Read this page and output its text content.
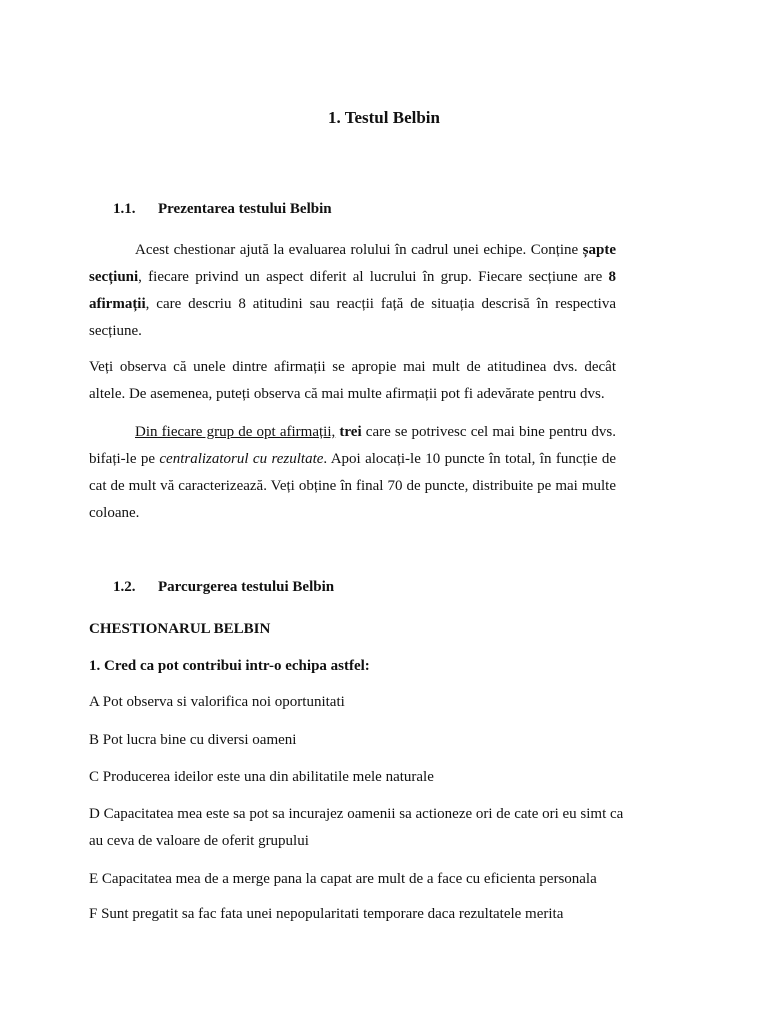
1. Testul Belbin
1.1. Prezentarea testului Belbin

Acest chestionar ajută la evaluarea rolului în cadrul unei echipe. Conține șapte secțiuni, fiecare privind un aspect diferit al lucrului în grup. Fiecare secțiune are 8 afirmații, care descriu 8 atitudini sau reacții față de situația descrisă în respectiva secțiune.

Veți observa că unele dintre afirmații se apropie mai mult de atitudinea dvs. decât altele. De asemenea, puteți observa că mai multe afirmații pot fi adevărate pentru dvs.

Din fiecare grup de opt afirmații, trei care se potrivesc cel mai bine pentru dvs. bifați-le pe centralizatorul cu rezultate. Apoi alocați-le 10 puncte în total, în funcție de cat de mult vă caracterizează. Veți obține în final 70 de puncte, distribuite pe mai multe coloane.

1.2. Parcurgerea testului Belbin
CHESTIONARUL BELBIN
1. Cred ca pot contribui intr-o echipa astfel:
A Pot observa si valorifica noi oportunitati
B Pot lucra bine cu diversi oameni
C Producerea ideilor este una din abilitatile mele naturale
D Capacitatea mea este sa pot sa incurajez oamenii sa actioneze ori de cate ori eu simt ca au ceva de valoare de oferit grupului
E Capacitatea mea de a merge pana la capat are mult de a face cu eficienta personala
F Sunt pregatit sa fac fata unei nepopularitati temporare daca rezultatele merita
